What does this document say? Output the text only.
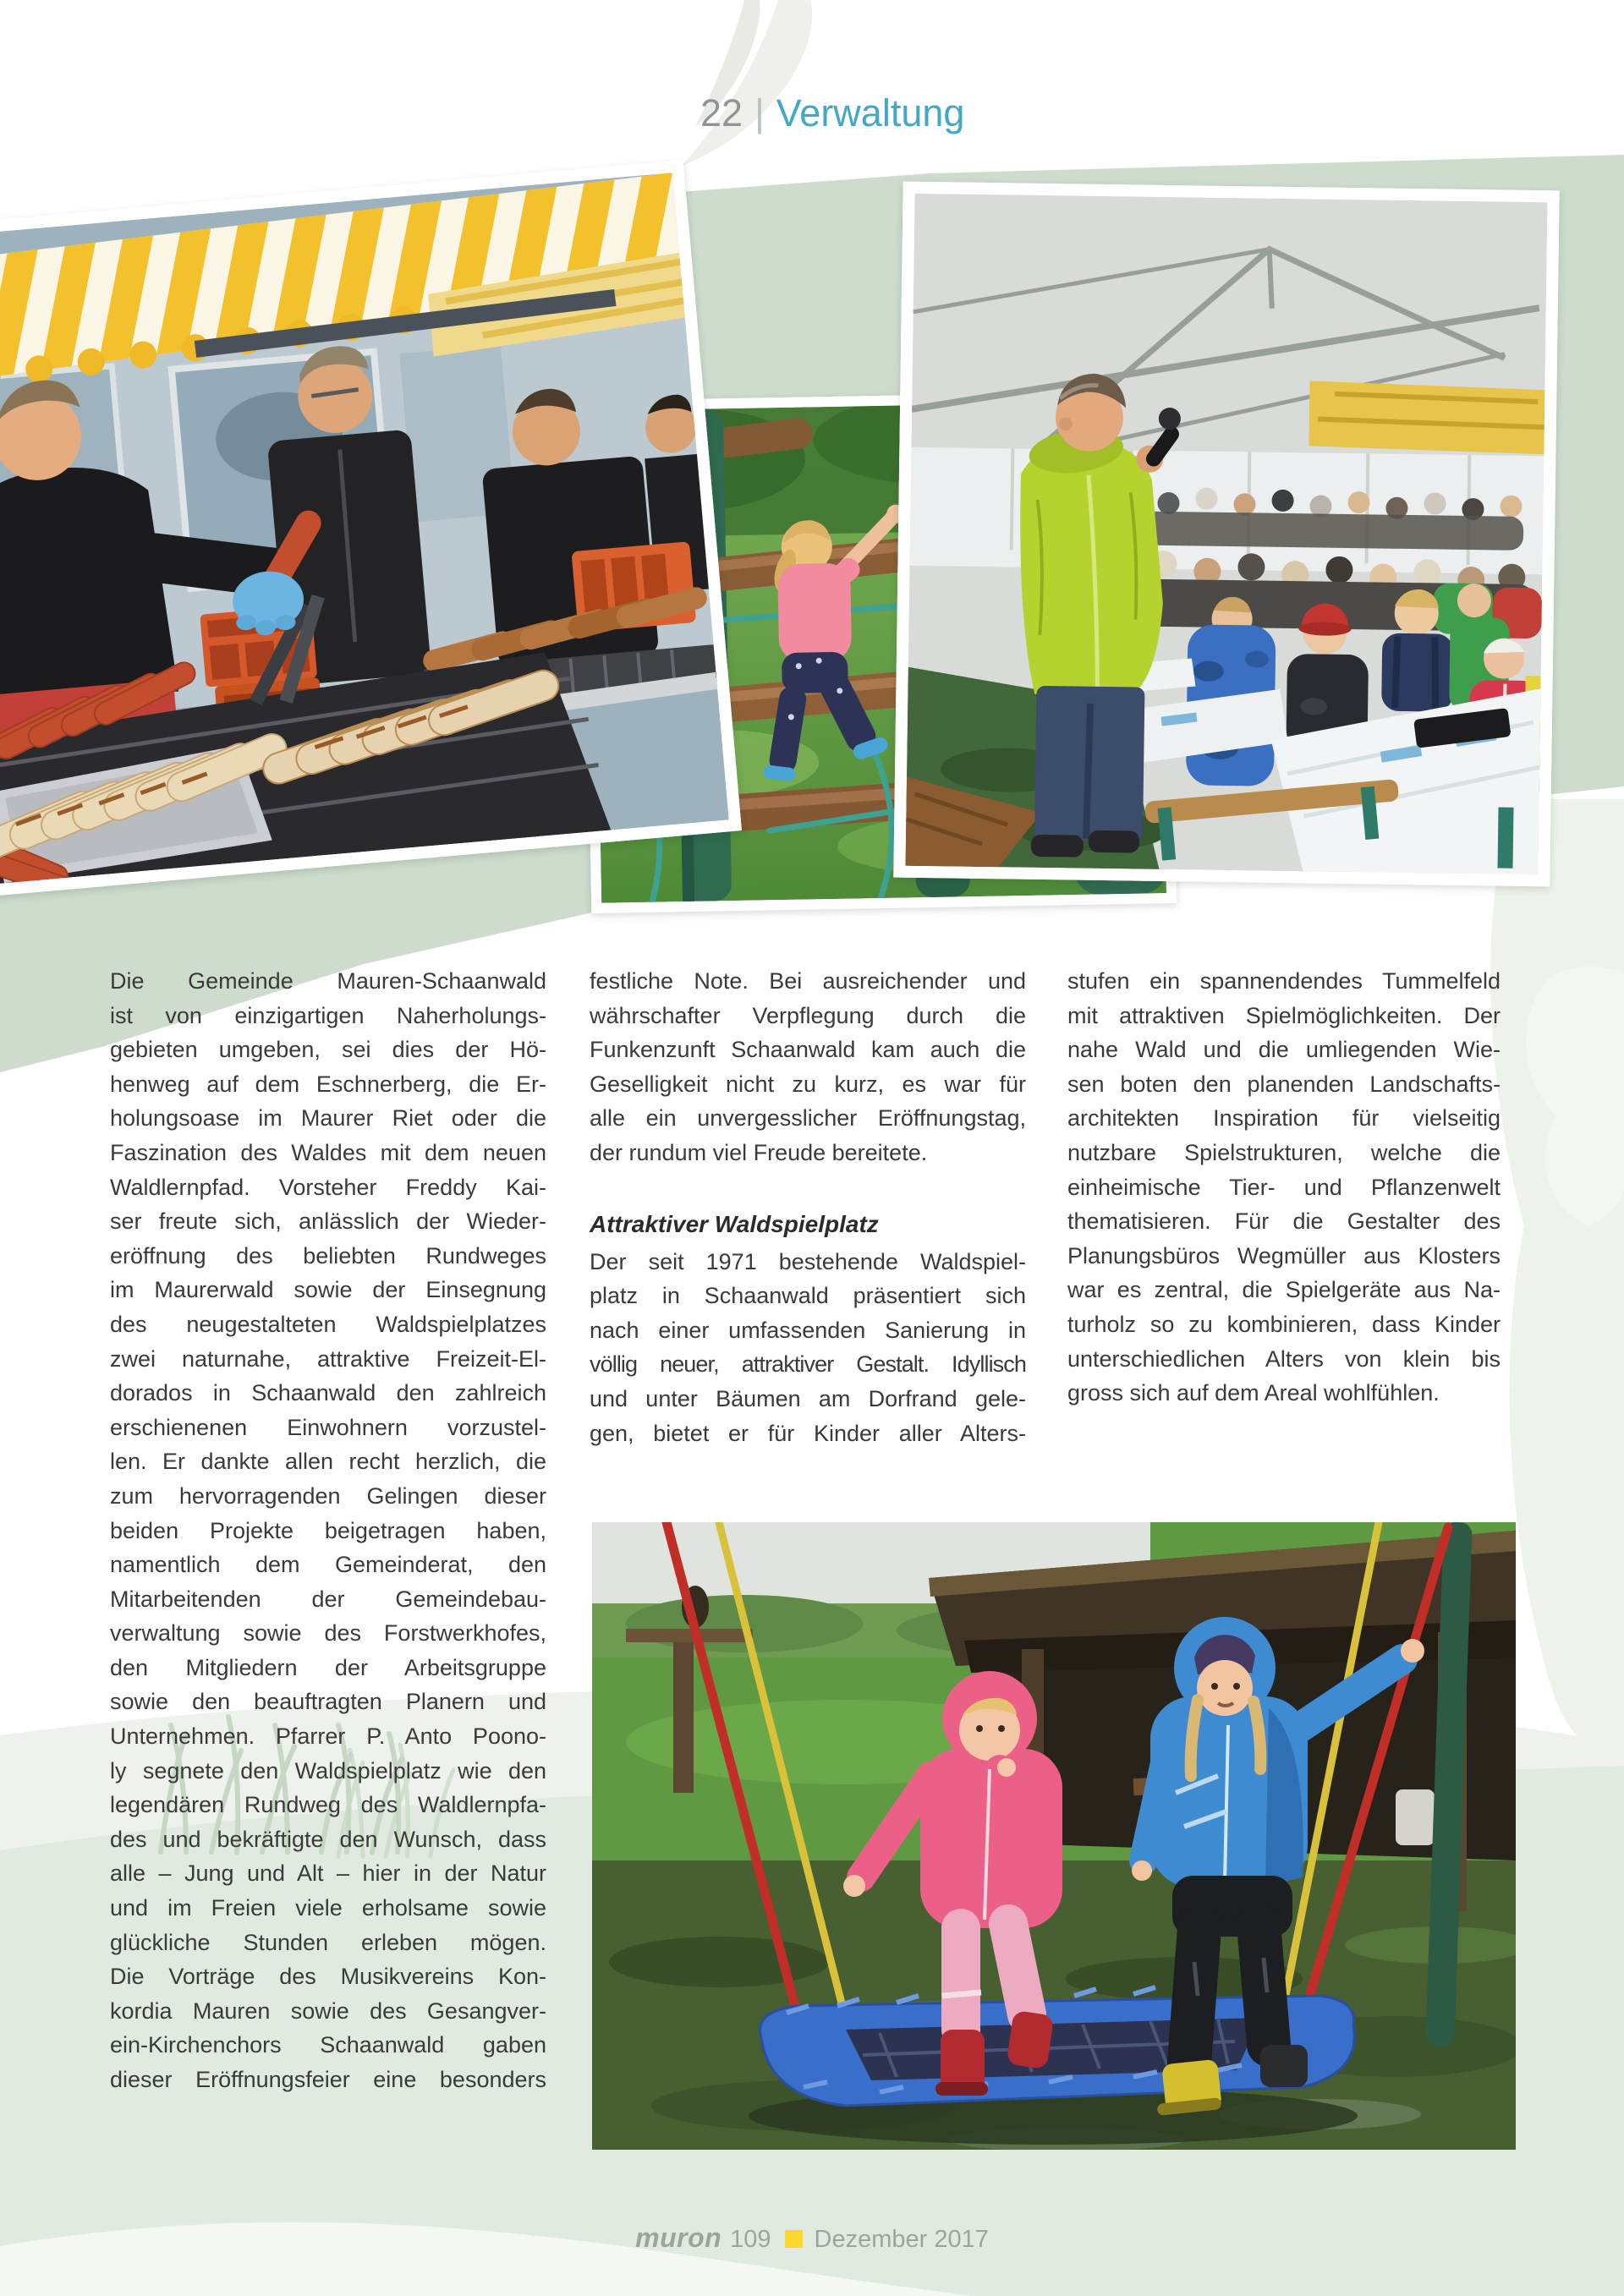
22 | Verwaltung
Die Gemeinde Mauren-Schaanwald
ist von einzigartigen Naherholungs-
gebieten umgeben, sei dies der Hö-
henweg auf dem Eschnerberg, die Er-
holungsoase im Maurer Riet oder die
Faszination des Waldes mit dem neuen
Waldlernpfad. Vorsteher Freddy Kai-
ser freute sich, anlässlich der Wieder-
eröffnung des beliebten Rundweges
im Maurerwald sowie der Einsegnung
des neugestalteten Waldspielplatzes
zwei naturnahe, attraktive Freizeit-El-
dorados in Schaanwald den zahlreich
erschienenen Einwohnern vorzustel-
len. Er dankte allen recht herzlich, die
zum hervorragenden Gelingen dieser
beiden Projekte beigetragen haben,
namentlich dem Gemeinderat, den
Mitarbeitenden der Gemeindebau-
verwaltung sowie des Forstwerkhofes,
den Mitgliedern der Arbeitsgruppe
sowie den beauftragten Planern und
Unternehmen. Pfarrer P. Anto Poono-
ly segnete den Waldspielplatz wie den
legendären Rundweg des Waldlernpfa-
des und bekräftigte den Wunsch, dass
alle – Jung und Alt – hier in der Natur
und im Freien viele erholsame sowie
glückliche Stunden erleben mögen.
Die Vorträge des Musikvereins Kon-
kordia Mauren sowie des Gesangver-
ein-Kirchenchors Schaanwald gaben
dieser Eröffnungsfeier eine besonders
festliche Note. Bei ausreichender und
währschafter Verpflegung durch die
Funkenzunft Schaanwald kam auch die
Geselligkeit nicht zu kurz, es war für
alle ein unvergesslicher Eröffnungstag,
der rundum viel Freude bereitete.
Attraktiver Waldspielplatz
Der seit 1971 bestehende Waldspiel-
platz in Schaanwald präsentiert sich
nach einer umfassenden Sanierung in
völlig neuer, attraktiver Gestalt. Idyllisch
und unter Bäumen am Dorfrand gele-
gen, bietet er für Kinder aller Alters-
stufen ein spannendendes Tummelfeld
mit attraktiven Spielmöglichkeiten. Der
nahe Wald und die umliegenden Wie-
sen boten den planenden Landschafts-
architekten Inspiration für vielseitig
nutzbare Spielstrukturen, welche die
einheimische Tier- und Pflanzenwelt
thematisieren. Für die Gestalter des
Planungsbüros Wegmüller aus Klosters
war es zentral, die Spielgeräte aus Na-
turholz so zu kombinieren, dass Kinder
unterschiedlichen Alters von klein bis
gross sich auf dem Areal wohlfühlen.
muron 109 Dezember 2017
